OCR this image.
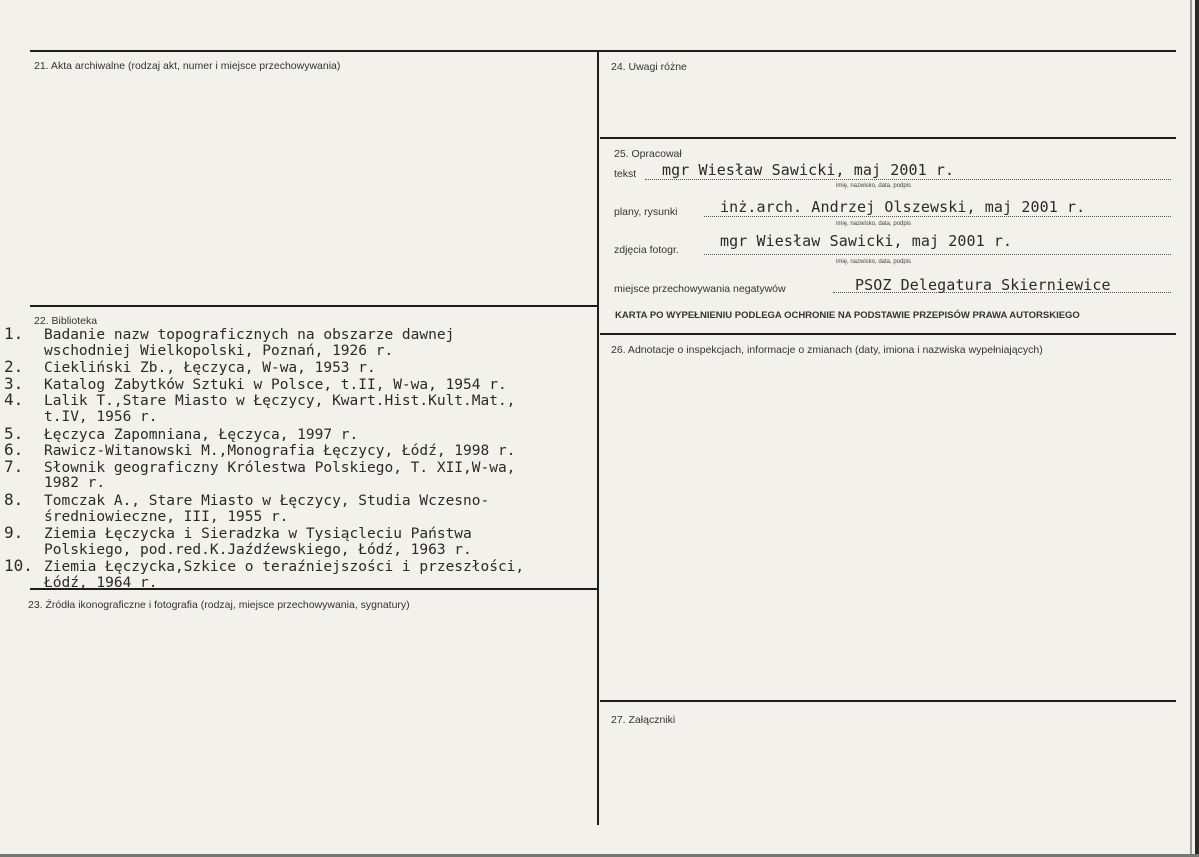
21. Akta archiwalne (rodzaj akt, numer i miejsce przechowywania)	24. Uwagi różne
25. Opracował
22. Biblioteka
23. Źródła ikonograficzne i fotografia (rodzaj, miejsce przechowywania, sygnatury)
26. Adnotacje o inspekcjach, informacje o zmianach (daty, imiona i nazwiska wypełniających)
27. Załączniki
tekst mgr Wiesław Sawicki, maj 2001 r.
imię, nazwisko, data, podpis
plany, rysunki	inż.arch. Andrzej Olszewski, maj 2001 r.
imię, nazwisko, data, podpis
zdjęcia fotogr.	mgr Wiesław Sawicki, maj 2001 r.
imię, nazwisko, data, podpis
miejsce przechowywania negatywów	PSOZ Delegatura Skierniewice
KARTA PO WYPEŁNIENIU PODLEGA OCHRONIE NA PODSTAWIE PRZEPISÓW PRAWA AUTORSKIEGO
1. Badanie nazw topograficznych na obszarze dawnej
wschodniej Wielkopolski, Poznań, 1926 r.
2. Ciekliński Zb., Łęczyca, W-wa, 1953 r.
3. Katalog Zabytków Sztuki w Polsce, t.II, W-wa, 1954 r.
4. Lalik T.,Stare Miasto w Łęczycy, Kwart.Hist.Kult.Mat.,
t.IV, 1956 r.
5. Łęczyca Zapomniana, Łęczyca, 1997 r.
6. Rawicz-Witanowski M.,Monografia Łęczycy, Łódź, 1998 r.
7. Słownik geograficzny Królestwa Polskiego, T. XII,W-wa,
1982 r.
8. Tomczak A., Stare Miasto w Łęczycy, Studia Wczesno-
średniowieczne, III, 1955 r.
9. Ziemia Łęczycka i Sieradzka w Tysiącleciu Państwa
Polskiego, pod.red.K.Jaźdźewskiego, Łódź, 1963 r.
10. Ziemia Łęczycka,Szkice o teraźniejszości i przeszłości,
Łódź, 1964 r.
